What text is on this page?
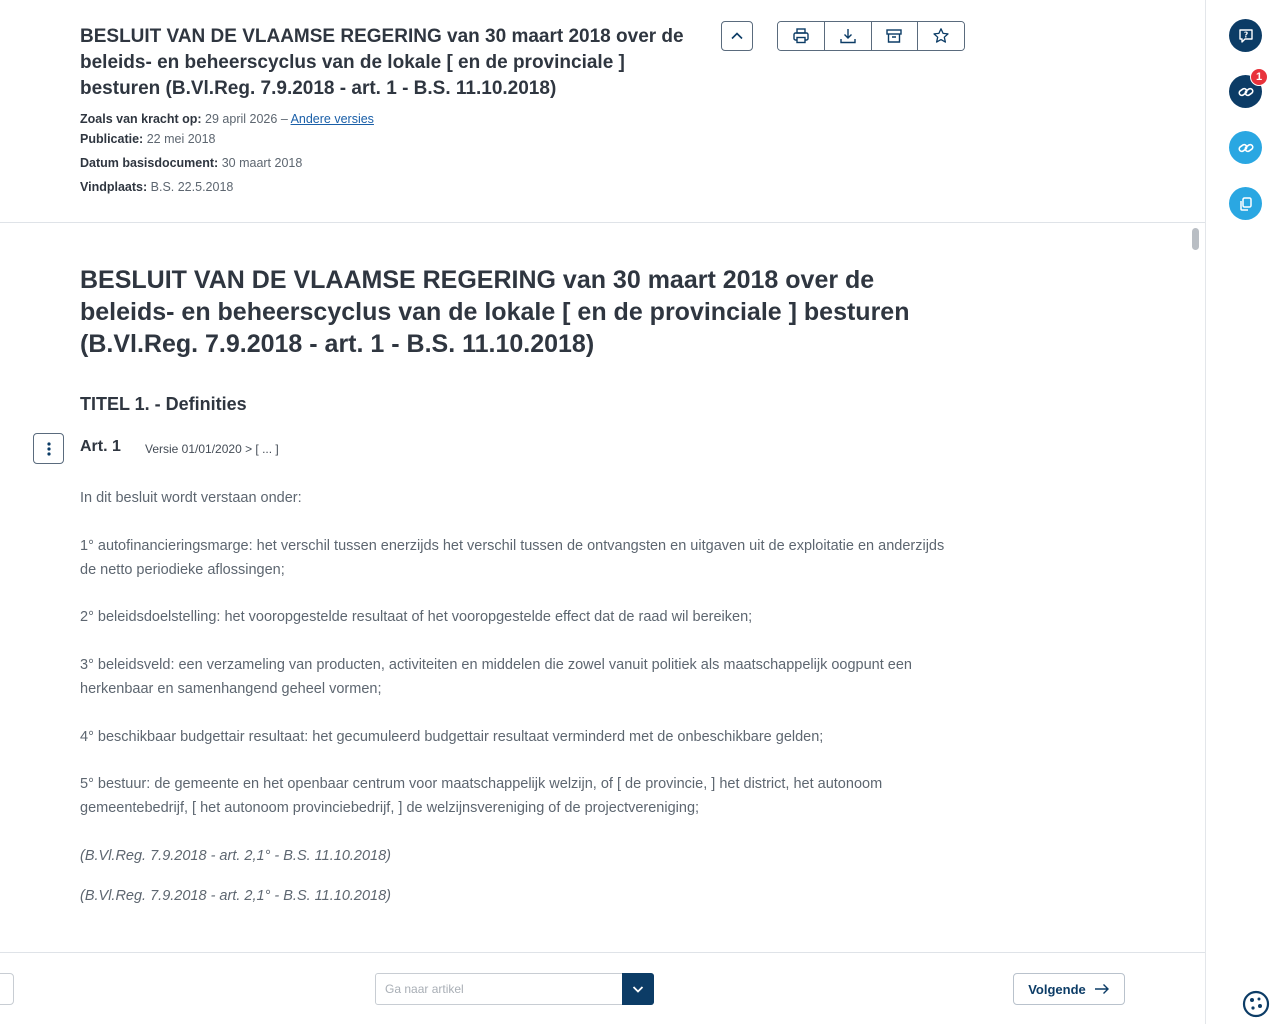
BESLUIT VAN DE VLAAMSE REGERING van 30 maart 2018 over de beleids- en beheerscyclus van de lokale [ en de provinciale ] besturen (B.Vl.Reg. 7.9.2018 - art. 1 - B.S. 11.10.2018)
Zoals van kracht op: 29 april 2026 – Andere versies
Publicatie: 22 mei 2018
Datum basisdocument: 30 maart 2018
Vindplaats: B.S. 22.5.2018
BESLUIT VAN DE VLAAMSE REGERING van 30 maart 2018 over de beleids- en beheerscyclus van de lokale [ en de provinciale ] besturen (B.Vl.Reg. 7.9.2018 - art. 1 - B.S. 11.10.2018)
TITEL 1. - Definities
Art. 1 Versie 01/01/2020 > [ ... ]
In dit besluit wordt verstaan onder:
1° autofinancieringsmarge: het verschil tussen enerzijds het verschil tussen de ontvangsten en uitgaven uit de exploitatie en anderzijds de netto periodieke aflossingen;
2° beleidsdoelstelling: het vooropgestelde resultaat of het vooropgestelde effect dat de raad wil bereiken;
3° beleidsveld: een verzameling van producten, activiteiten en middelen die zowel vanuit politiek als maatschappelijk oogpunt een herkenbaar en samenhangend geheel vormen;
4° beschikbaar budgettair resultaat: het gecumuleerd budgettair resultaat verminderd met de onbeschikbare gelden;
5° bestuur: de gemeente en het openbaar centrum voor maatschappelijk welzijn, of [ de provincie, ] het district, het autonoom gemeentebedrijf, [ het autonoom provinciebedrijf, ] de welzijnsvereniging of de projectvereniging;
(B.Vl.Reg. 7.9.2018 - art. 2,1° - B.S. 11.10.2018)
(B.Vl.Reg. 7.9.2018 - art. 2,1° - B.S. 11.10.2018)
Ga naar artikel
Volgende
?
1
